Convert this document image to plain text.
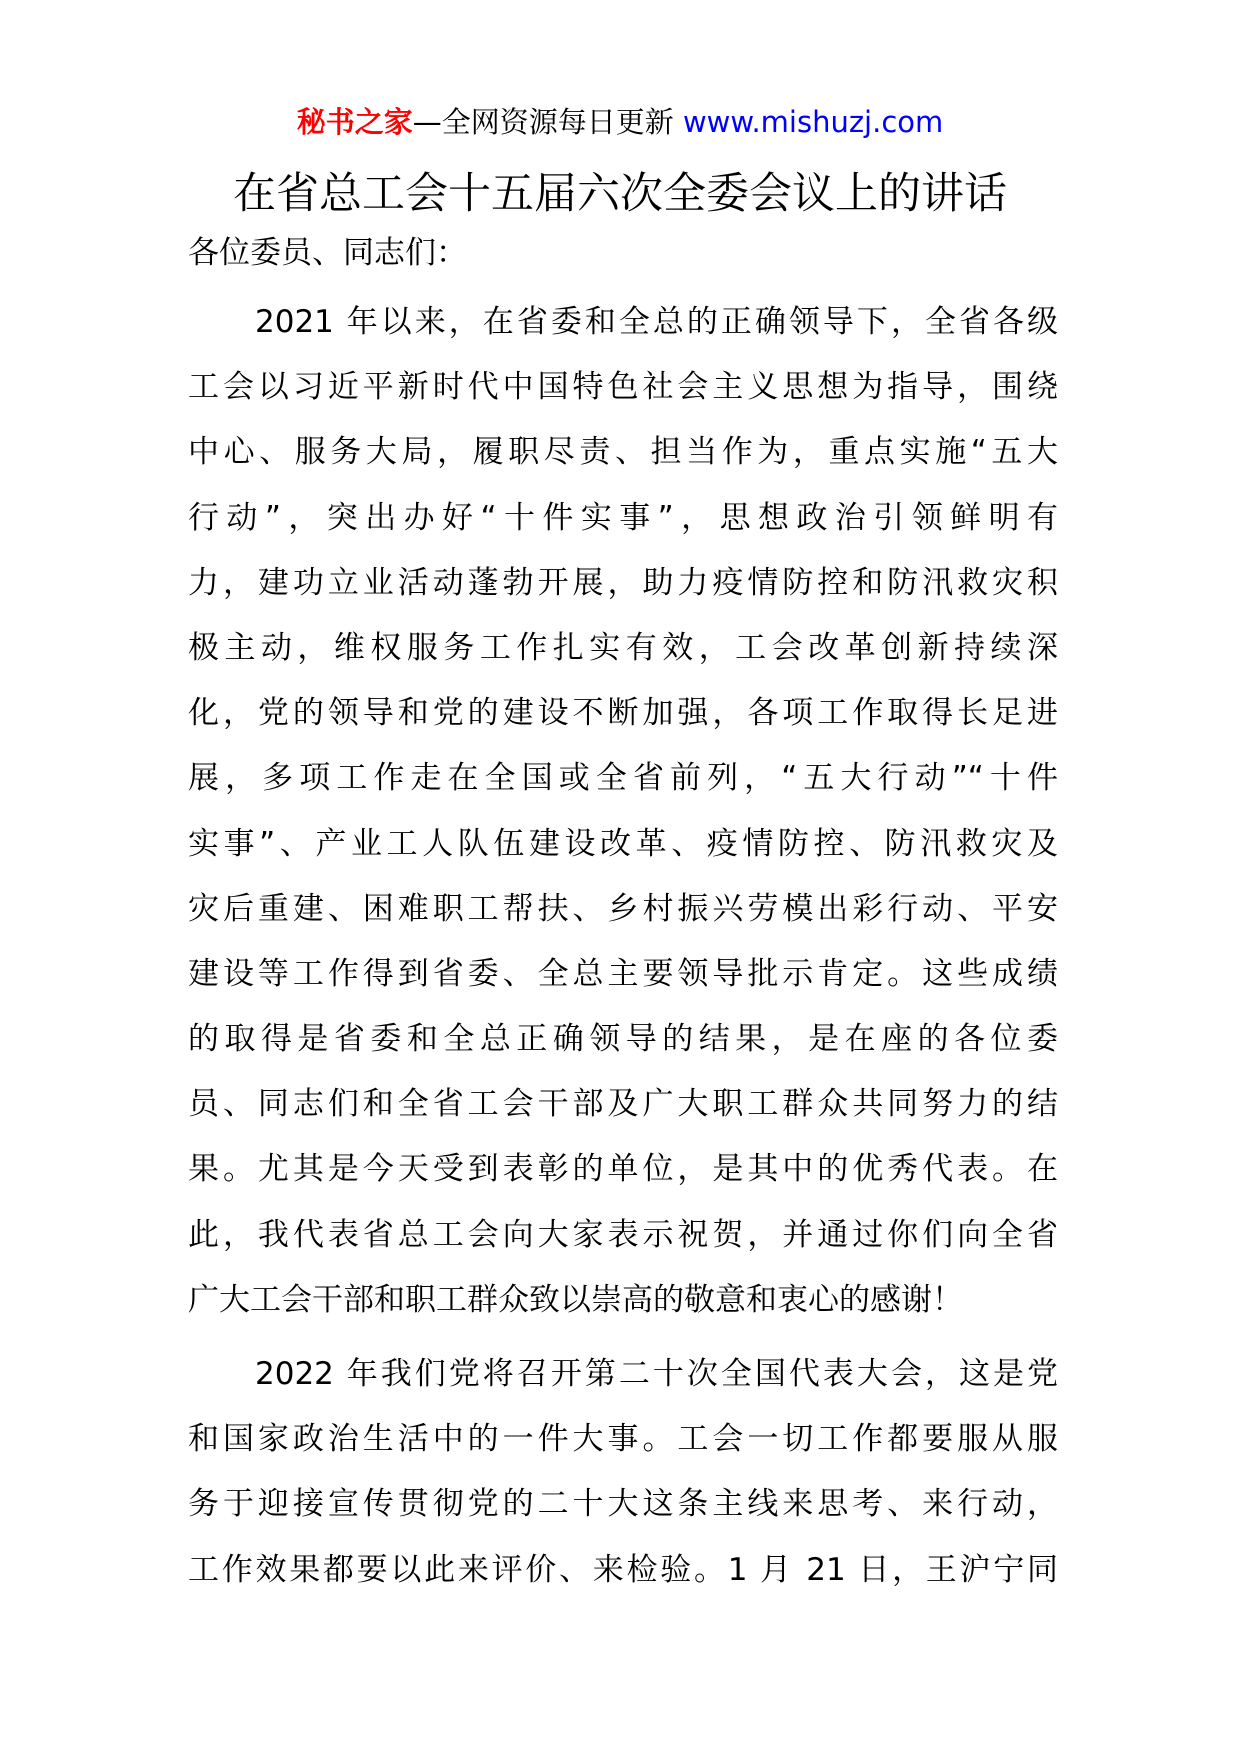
秘书之家—全网资源每日更新 www.mishuzj.com
在省总工会十五届六次全委会议上的讲话

各位委员、同志们：

2021 年以来，在省委和全总的正确领导下，全省各级
工会以习近平新时代中国特色社会主义思想为指导，围绕
中心、服务大局，履职尽责、担当作为，重点实施“五大
行动”，突出办好“十件实事”，思想政治引领鲜明有
力，建功立业活动蓬勃开展，助力疫情防控和防汛救灾积
极主动，维权服务工作扎实有效，工会改革创新持续深
化，党的领导和党的建设不断加强，各项工作取得长足进
展，多项工作走在全国或全省前列，“五大行动”“十件
实事”、产业工人队伍建设改革、疫情防控、防汛救灾及
灾后重建、困难职工帮扶、乡村振兴劳模出彩行动、平安
建设等工作得到省委、全总主要领导批示肯定。这些成绩
的取得是省委和全总正确领导的结果，是在座的各位委
员、同志们和全省工会干部及广大职工群众共同努力的结
果。尤其是今天受到表彰的单位，是其中的优秀代表。在
此，我代表省总工会向大家表示祝贺，并通过你们向全省
广大工会干部和职工群众致以崇高的敬意和衷心的感谢！
2022 年我们党将召开第二十次全国代表大会，这是党
和国家政治生活中的一件大事。工会一切工作都要服从服
务于迎接宣传贯彻党的二十大这条主线来思考、来行动，
工作效果都要以此来评价、来检验。1 月 21 日，王沪宁同
